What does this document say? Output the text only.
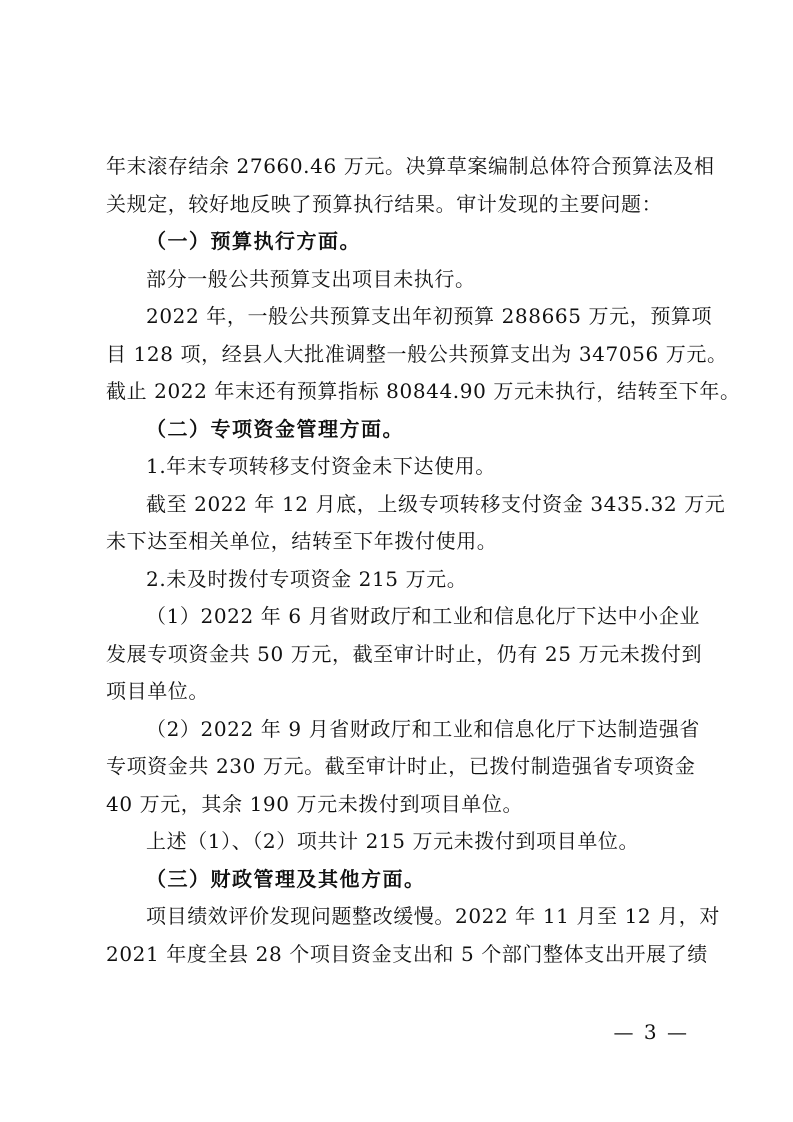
年末滚存结余 27660.46 万元。决算草案编制总体符合预算法及相
关规定，较好地反映了预算执行结果。审计发现的主要问题：
（一）预算执行方面。
部分一般公共预算支出项目未执行。
2022 年，一般公共预算支出年初预算 288665 万元，预算项
目 128 项，经县人大批准调整一般公共预算支出为 347056 万元。
截止 2022 年末还有预算指标 80844.90 万元未执行，结转至下年。
（二）专项资金管理方面。
1.年末专项转移支付资金未下达使用。
截至 2022 年 12 月底，上级专项转移支付资金 3435.32 万元
未下达至相关单位，结转至下年拨付使用。
2.未及时拨付专项资金 215 万元。
（1）2022 年 6 月省财政厅和工业和信息化厅下达中小企业
发展专项资金共 50 万元，截至审计时止，仍有 25 万元未拨付到
项目单位。
（2）2022 年 9 月省财政厅和工业和信息化厅下达制造强省
专项资金共 230 万元。截至审计时止，已拨付制造强省专项资金
40 万元，其余 190 万元未拨付到项目单位。
上述（1）、（2）项共计 215 万元未拨付到项目单位。
（三）财政管理及其他方面。
项目绩效评价发现问题整改缓慢。2022 年 11 月至 12 月，对
2021 年度全县 28 个项目资金支出和 5 个部门整体支出开展了绩
— 3 —
